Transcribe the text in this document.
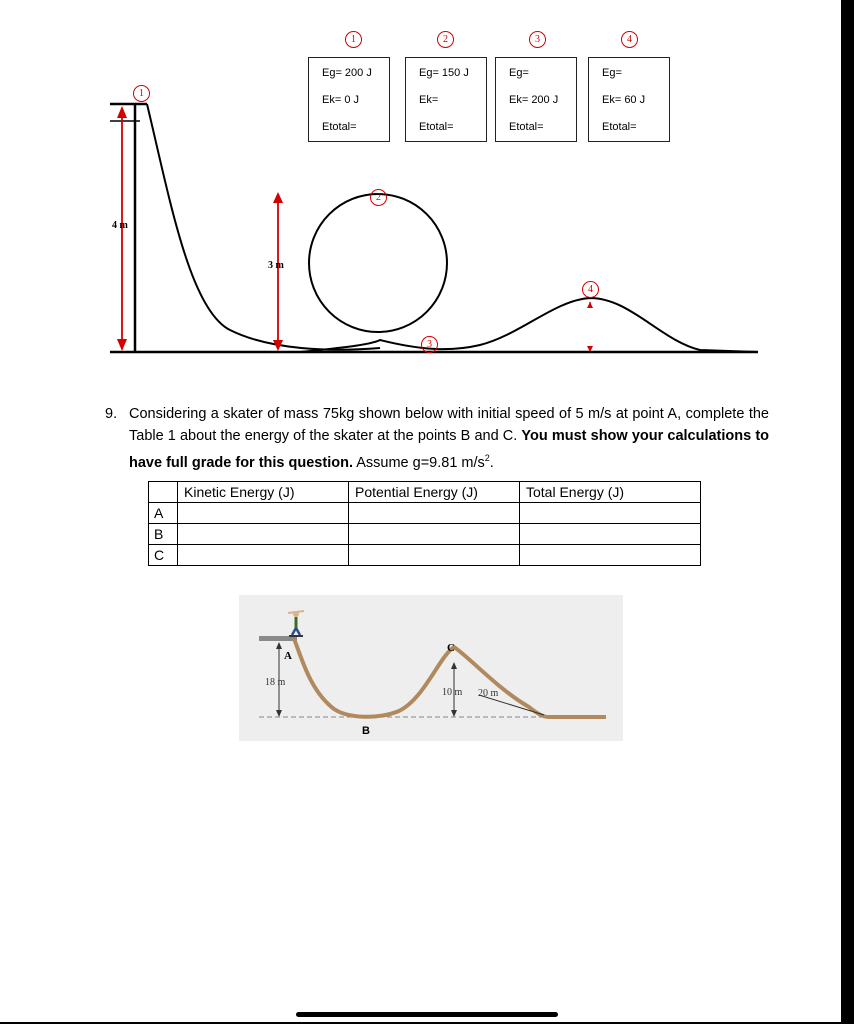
4 m
3 m
1
2
3
4
1	2	3	4
Eg= 200 J
Ek= 0 J
Etotal=
Eg= 150 J
Ek=
Etotal=
Eg=
Ek= 200 J
Etotal=
Eg=
Ek= 60 J
Etotal=
9. Considering a skater of mass 75kg shown below with initial speed of 5 m/s at point A, complete the Table 1 about the energy of the skater at the points B and C. You must show your calculations to have full grade for this question. Assume g=9.81 $m/s^2$.
	Kinetic Energy (J)	Potential Energy (J)	Total Energy (J)
A			
B			
C			
18 m
10 m 20 m
A
C
B
